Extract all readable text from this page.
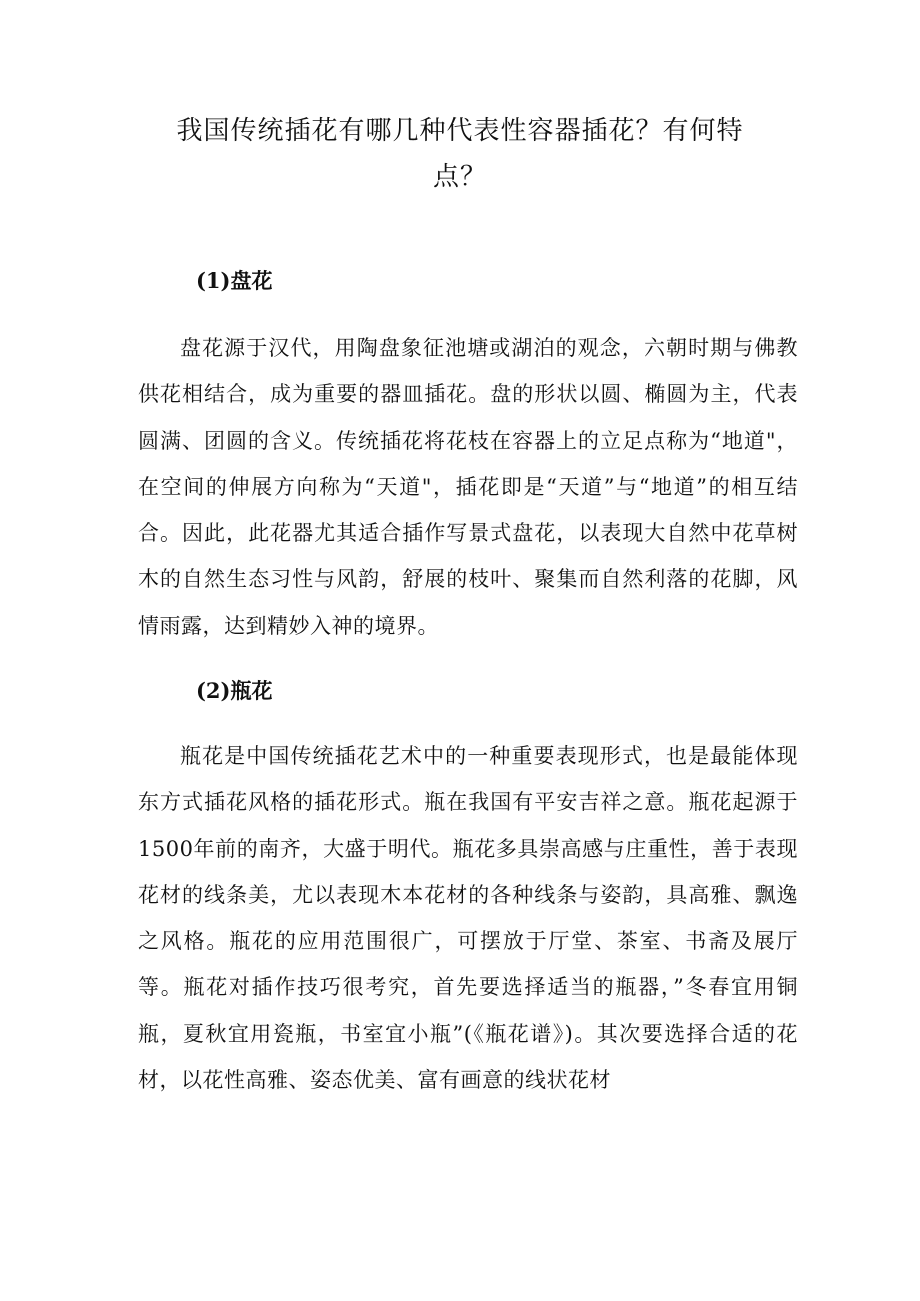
我国传统插花有哪几种代表性容器插花？有何特点？
(1)盘花

盘花源于汉代，用陶盘象征池塘或湖泊的观念，六朝时期与佛教供花相结合，成为重要的器皿插花。盘的形状以圆、椭圆为主，代表圆满、团圆的含义。传统插花将花枝在容器上的立足点称为“地道"，在空间的伸展方向称为“天道"，插花即是“天道”与“地道”的相互结合。因此，此花器尤其适合插作写景式盘花，以表现大自然中花草树木的自然生态习性与风韵，舒展的枝叶、聚集而自然利落的花脚，风情雨露，达到精妙入神的境界。

(2)瓶花

瓶花是中国传统插花艺术中的一种重要表现形式，也是最能体现东方式插花风格的插花形式。瓶在我国有平安吉祥之意。瓶花起源于1500年前的南齐，大盛于明代。瓶花多具崇高感与庄重性，善于表现花材的线条美，尤以表现木本花材的各种线条与姿韵，具高雅、飘逸之风格。瓶花的应用范围很广，可摆放于厅堂、茶室、书斋及展厅等。瓶花对插作技巧很考究，首先要选择适当的瓶器，”冬春宜用铜瓶，夏秋宜用瓷瓶，书室宜小瓶”(《瓶花谱》)。其次要选择合适的花材，以花性高雅、姿态优美、富有画意的线状花材
